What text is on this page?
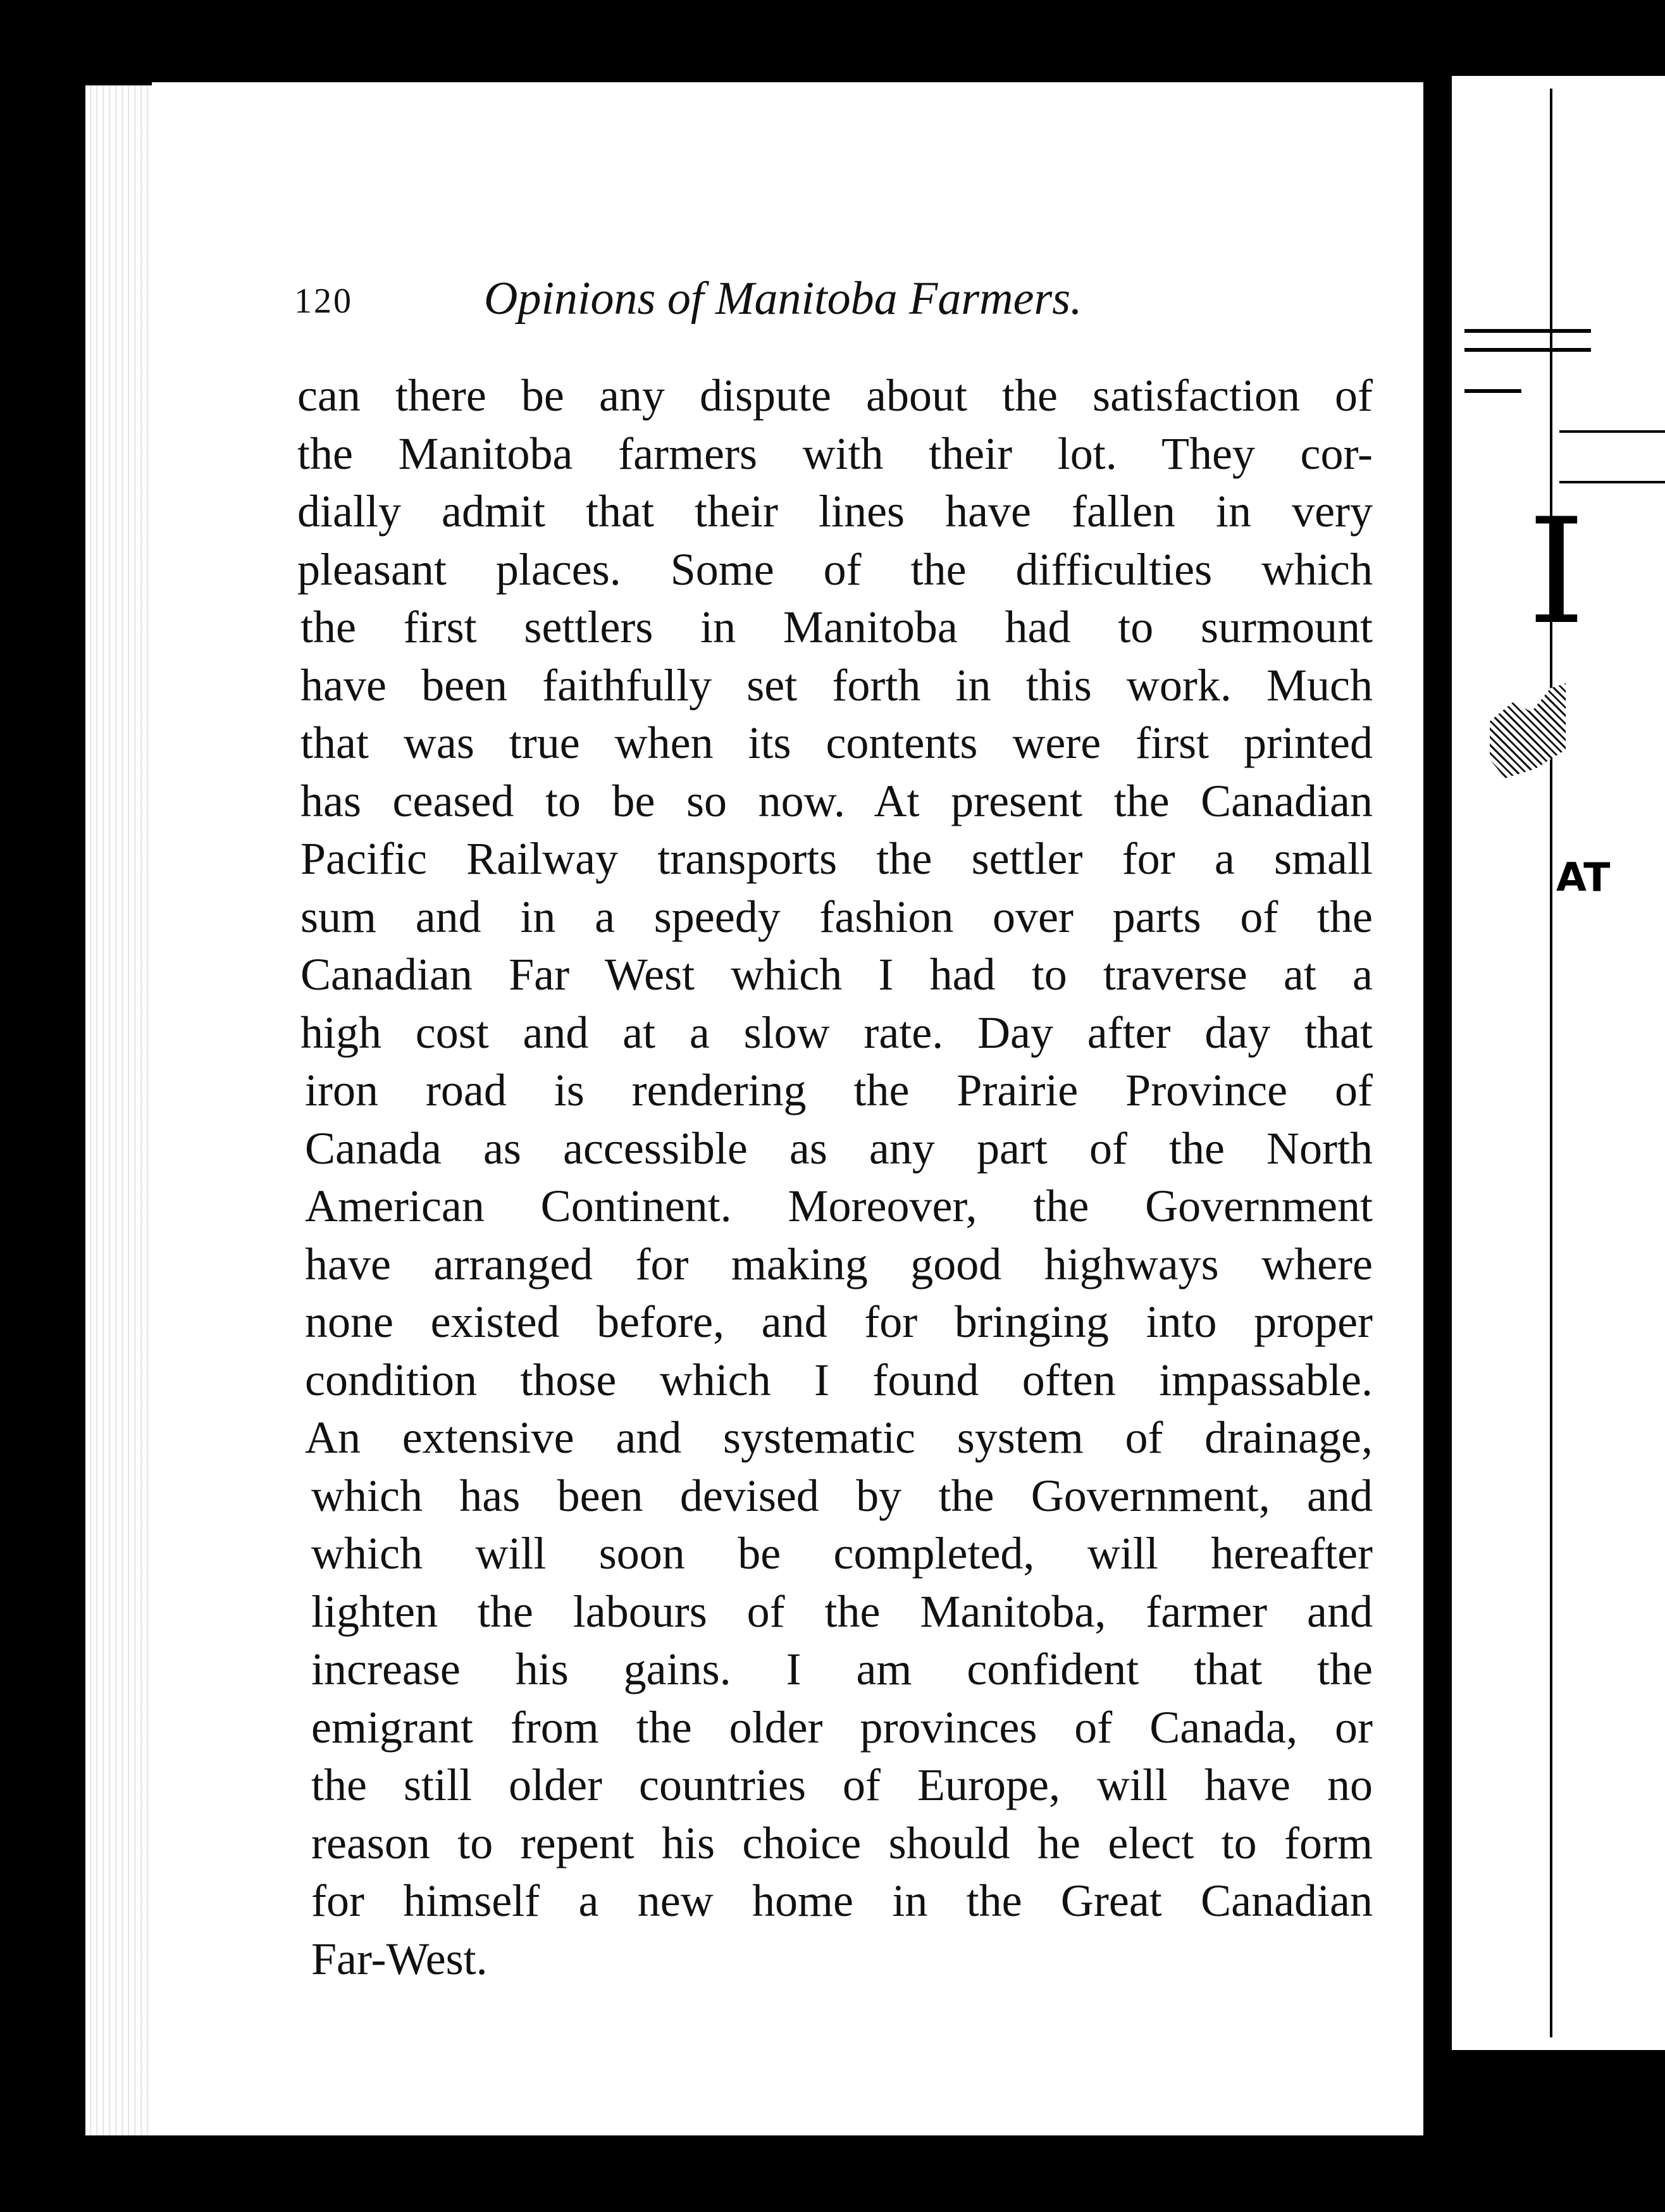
JOC
120	Opinions of Manitoba Farmers.
can there be any dispute about the satisfaction of
the Manitoba farmers with their lot. They cor-
dially admit that their lines have fallen in very
pleasant places. Some of the difficulties which
the first settlers in Manitoba had to surmount
have been faithfully set forth in this work. Much
that was true when its contents were first printed
has ceased to be so now. At present the Canadian
Pacific Railway transports the settler for a small
sum and in a speedy fashion over parts of the
Canadian Far West which I had to traverse at a
high cost and at a slow rate. Day after day that
iron road is rendering the Prairie Province of
Canada as accessible as any part of the North
American Continent. Moreover, the Government
have arranged for making good highways where
none existed before, and for bringing into proper
condition those which I found often impassable.
An extensive and systematic system of drainage,
which has been devised by the Government, and
which will soon be completed, will hereafter
lighten the labours of the Manitoba, farmer and
increase his gains. I am confident that the
emigrant from the older provinces of Canada, or
the still older countries of Europe, will have no
reason to repent his choice should he elect to form
for himself a new home in the Great Canadian
Far-West.
I
AT
